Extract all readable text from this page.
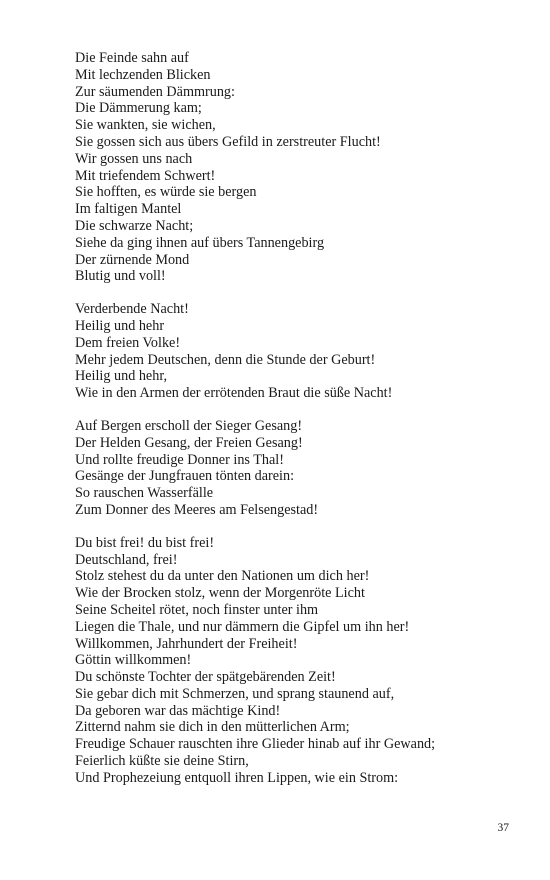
Die Feinde sahn auf
Mit lechzenden Blicken
Zur säumenden Dämmrung:
Die Dämmerung kam;
Sie wankten, sie wichen,
Sie gossen sich aus übers Gefild in zerstreuter Flucht!
Wir gossen uns nach
Mit triefendem Schwert!
Sie hofften, es würde sie bergen
Im faltigen Mantel
Die schwarze Nacht;
Siehe da ging ihnen auf übers Tannengebirg
Der zürnende Mond
Blutig und voll!
Verderbende Nacht!
Heilig und hehr
Dem freien Volke!
Mehr jedem Deutschen, denn die Stunde der Geburt!
Heilig und hehr,
Wie in den Armen der errötenden Braut die süße Nacht!
Auf Bergen erscholl der Sieger Gesang!
Der Helden Gesang, der Freien Gesang!
Und rollte freudige Donner ins Thal!
Gesänge der Jungfrauen tönten darein:
So rauschen Wasserfälle
Zum Donner des Meeres am Felsengestad!
Du bist frei! du bist frei!
Deutschland, frei!
Stolz stehest du da unter den Nationen um dich her!
Wie der Brocken stolz, wenn der Morgenröte Licht
Seine Scheitel rötet, noch finster unter ihm
Liegen die Thale, und nur dämmern die Gipfel um ihn her!
Willkommen, Jahrhundert der Freiheit!
Göttin willkommen!
Du schönste Tochter der spätgebärenden Zeit!
Sie gebar dich mit Schmerzen, und sprang staunend auf,
Da geboren war das mächtige Kind!
Zitternd nahm sie dich in den mütterlichen Arm;
Freudige Schauer rauschten ihre Glieder hinab auf ihr Gewand;
Feierlich küßte sie deine Stirn,
Und Prophezeiung entquoll ihren Lippen, wie ein Strom:
37
